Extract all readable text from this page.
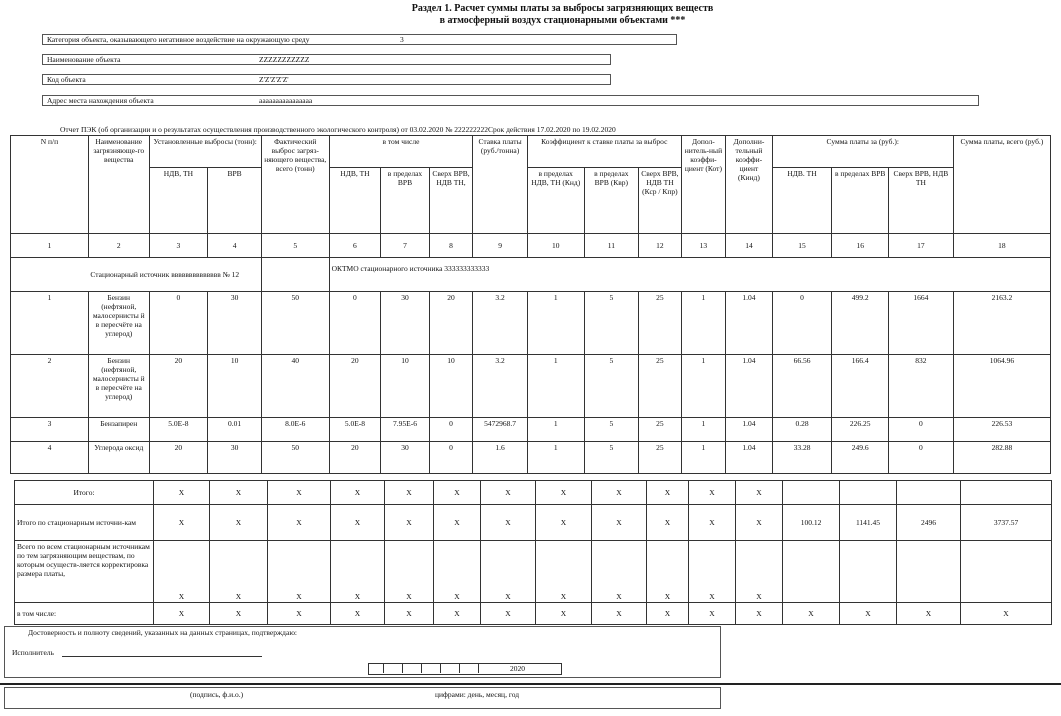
Раздел 1. Расчет суммы платы за выбросы загрязняющих веществ
в атмосферный воздух стационарными объектами ***
Категория объекта, оказывающего негативное воздействие на окружающую среду	3
Наименование объекта	ZZZZZZZZZZZ
Код объекта	Z'Z'Z'Z'Z'
Адрес места нахождения объекта	аааааааааааааааа
Отчет ПЭК (об организации и о результатах осуществления производственного экологического контроля) от 03.02.2020 № 222222222Срок действия 17.02.2020 по 19.02.2020
N п/п	Наименование загрязняюще-го вещества	Установленные выбросы (тонн):		Фактический выброс загряз-няющего вещества, всего (тонн)	в том числе			Ставка платы (руб./тонна)	Коэффициент к ставке платы за выброс			Допол-нитель-ный коэффи-циент (Кот)	Дополни-тельный коэффи-циент (Кинд)	Сумма платы за (руб.):			Сумма платы, всего (руб.)
		НДВ, ТН	ВРВ		НДВ, ТН	в пределах ВРВ	Сверх ВРВ, НДВ ТН,		в пределах НДВ, ТН (Кнд)	в пределах ВРВ (Квр)	Сверх ВРВ, НДВ ТН (Кср / Кпр)			НДВ. ТН	в пределах ВРВ	Сверх ВРВ, НДВ ТН	
1	2	3	4	5	6	7	8	9	10	11	12	13	14	15	16	17	18
	Стационарный источник вввввввввввввв № 12				ОКТМО стационарного источника 333333333333												
1	Бензин (нефтяной, малосернисты й в пересчёте на углерод)	0	30	50	0	30	20	3.2	1	5	25	1	1.04	0	499.2	1664	2163.2
2	Бензин (нефтяной, малосернисты й в пересчёте на углерод)	20	10	40	20	10	10	3.2	1	5	25	1	1.04	66.56	166.4	832	1064.96
3	Бензапирен	5.0E-8	0.01	8.0E-6	5.0E-8	7.95E-6	0	5472968.7	1	5	25	1	1.04	0.28	226.25	0	226.53
4	Углерода оксид	20	30	50	20	30	0	1.6	1	5	25	1	1.04	33.28	249.6	0	282.88
Итого:	X	X	X	X	X	X	X	X	X	X	X	X				
Итого по стационарным источни-кам	X	X	X	X	X	X	X	X	X	X	X	X	100.12	1141.45	2496	3737.57
Всего по всем стационарным источникам по тем загрязняющим веществам, по которым осуществ-ляется корректировка размера платы,	X	X	X	X	X	X	X	X	X	X	X	X				
в том числе:	X	X	X	X	X	X	X	X	X	X	X	X	X	X	X	X
Достоверность и полноту сведений, указанных на данных страницах, подтверждаю:
Исполнитель
2020
(подпись, ф.и.о.)	цифрами: день, месяц, год
